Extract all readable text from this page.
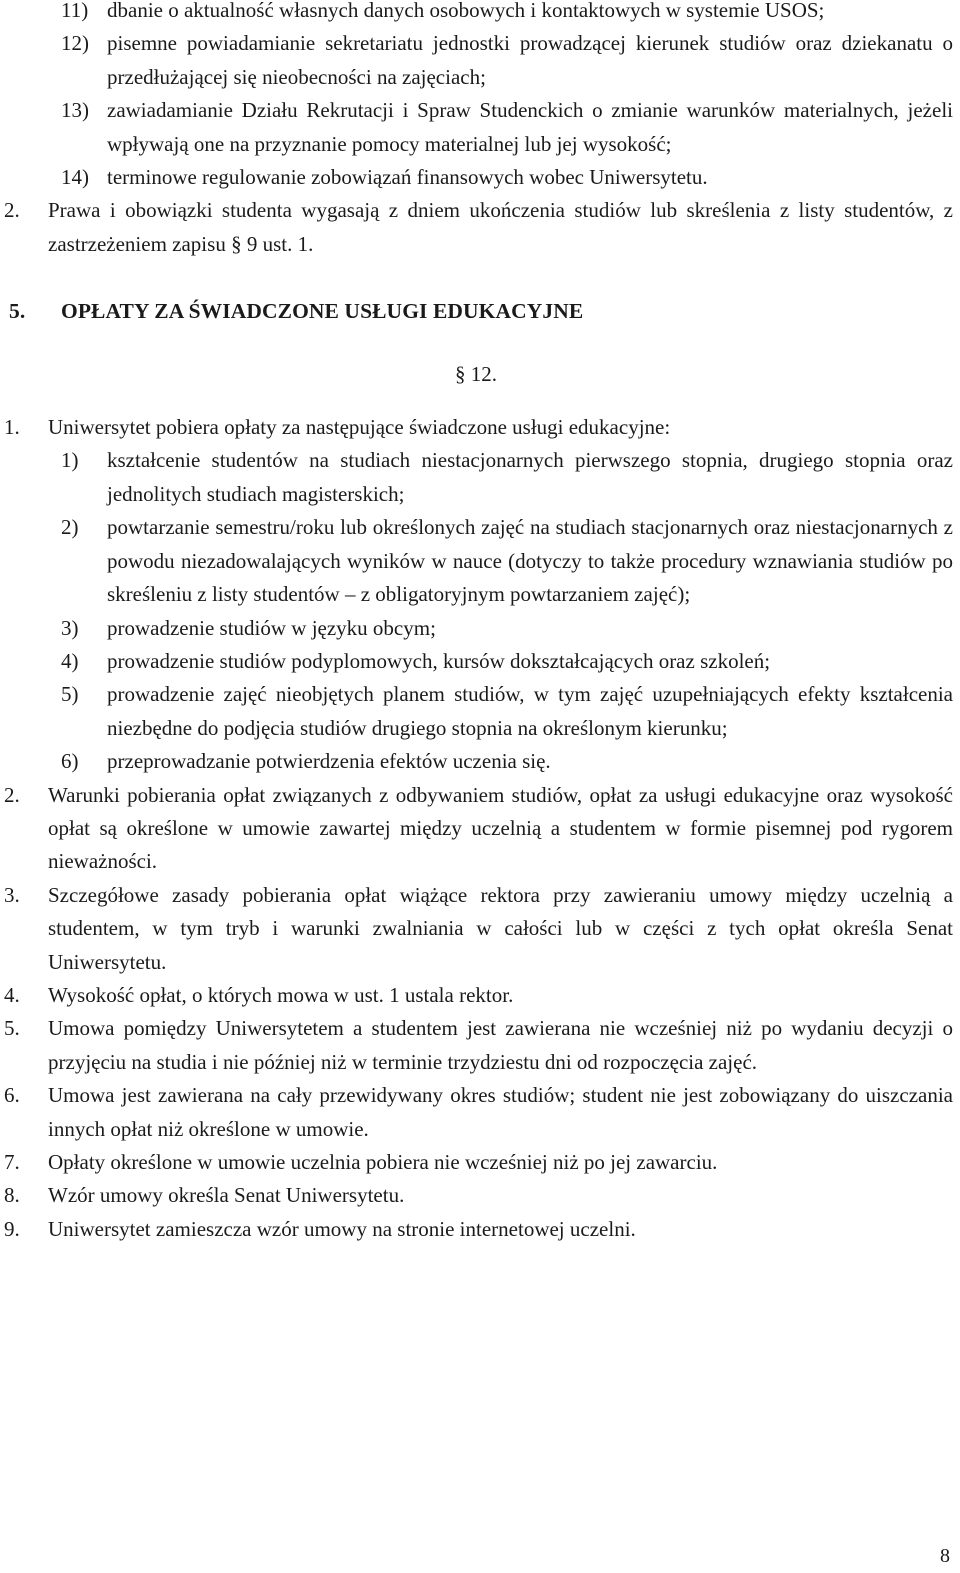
11) dbanie o aktualność własnych danych osobowych i kontaktowych w systemie USOS;
12) pisemne powiadamianie sekretariatu jednostki prowadzącej kierunek studiów oraz dziekanatu o przedłużającej się nieobecności na zajęciach;
13) zawiadamianie Działu Rekrutacji i Spraw Studenckich o zmianie warunków materialnych, jeżeli wpływają one na przyznanie pomocy materialnej lub jej wysokość;
14) terminowe regulowanie zobowiązań finansowych wobec Uniwersytetu.
2. Prawa i obowiązki studenta wygasają z dniem ukończenia studiów lub skreślenia z listy studentów, z zastrzeżeniem zapisu § 9 ust. 1.
5. OPŁATY ZA ŚWIADCZONE USŁUGI EDUKACYJNE
§ 12.
1. Uniwersytet pobiera opłaty za następujące świadczone usługi edukacyjne:
1) kształcenie studentów na studiach niestacjonarnych pierwszego stopnia, drugiego stopnia oraz jednolitych studiach magisterskich;
2) powtarzanie semestru/roku lub określonych zajęć na studiach stacjonarnych oraz niestacjonarnych z powodu niezadowalających wyników w nauce (dotyczy to także procedury wznawiania studiów po skreśleniu z listy studentów – z obligatoryjnym powtarzaniem zajęć);
3) prowadzenie studiów w języku obcym;
4) prowadzenie studiów podyplomowych, kursów dokształcających oraz szkoleń;
5) prowadzenie zajęć nieobjętych planem studiów, w tym zajęć uzupełniających efekty kształcenia niezbędne do podjęcia studiów drugiego stopnia na określonym kierunku;
6) przeprowadzanie potwierdzenia efektów uczenia się.
2. Warunki pobierania opłat związanych z odbywaniem studiów, opłat za usługi edukacyjne oraz wysokość opłat są określone w umowie zawartej między uczelnią a studentem w formie pisemnej pod rygorem nieważności.
3. Szczegółowe zasady pobierania opłat wiążące rektora przy zawieraniu umowy między uczelnią a studentem, w tym tryb i warunki zwalniania w całości lub w części z tych opłat określa Senat Uniwersytetu.
4. Wysokość opłat, o których mowa w ust. 1 ustala rektor.
5. Umowa pomiędzy Uniwersytetem a studentem jest zawierana nie wcześniej niż po wydaniu decyzji o przyjęciu na studia i nie później niż w terminie trzydziestu dni od rozpoczęcia zajęć.
6. Umowa jest zawierana na cały przewidywany okres studiów; student nie jest zobowiązany do uiszczania innych opłat niż określone w umowie.
7. Opłaty określone w umowie uczelnia pobiera nie wcześniej niż po jej zawarciu.
8. Wzór umowy określa Senat Uniwersytetu.
9. Uniwersytet zamieszcza wzór umowy na stronie internetowej uczelni.
8
